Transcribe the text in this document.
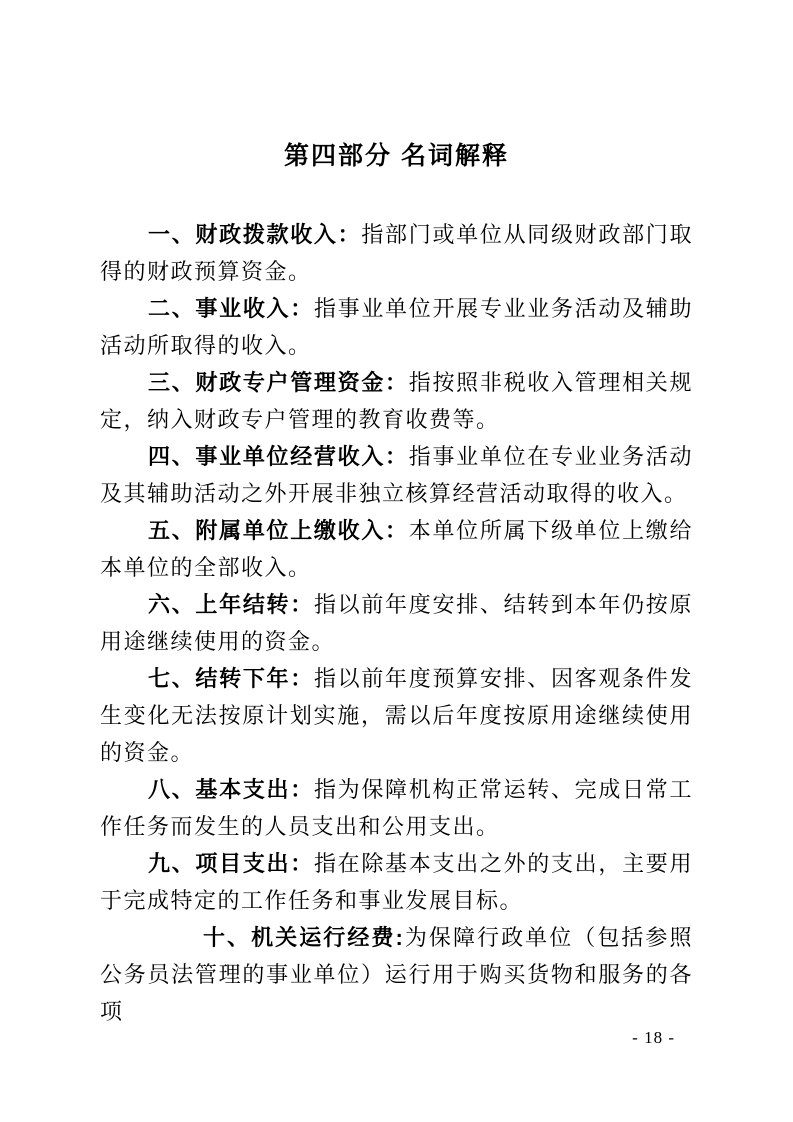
第四部分 名词解释

一、财政拨款收入：指部门或单位从同级财政部门取得的财政预算资金。

二、事业收入：指事业单位开展专业业务活动及辅助活动所取得的收入。

三、财政专户管理资金：指按照非税收入管理相关规定，纳入财政专户管理的教育收费等。

四、事业单位经营收入：指事业单位在专业业务活动及其辅助活动之外开展非独立核算经营活动取得的收入。

五、附属单位上缴收入：本单位所属下级单位上缴给本单位的全部收入。

六、上年结转：指以前年度安排、结转到本年仍按原用途继续使用的资金。

七、结转下年：指以前年度预算安排、因客观条件发生变化无法按原计划实施，需以后年度按原用途继续使用的资金。

八、基本支出：指为保障机构正常运转、完成日常工作任务而发生的人员支出和公用支出。

九、项目支出：指在除基本支出之外的支出，主要用于完成特定的工作任务和事业发展目标。

十、机关运行经费:为保障行政单位（包括参照公务员法管理的事业单位）运行用于购买货物和服务的各项

- 18 -
